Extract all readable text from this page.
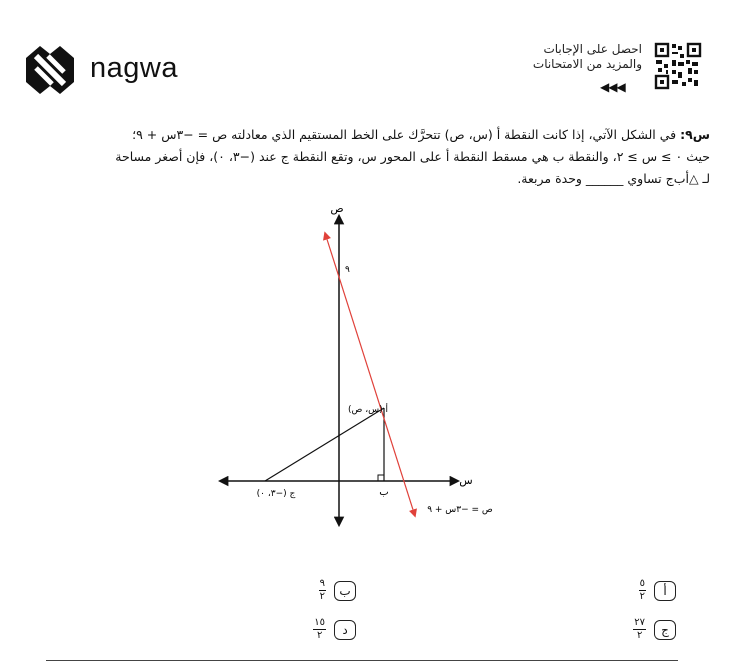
nagwa
احصل على الإجابات
والمزيد من الامتحانات
◀◀◀
س٩: في الشكل الآتي، إذا كانت النقطة أ (س، ص) تتحرَّك على الخط المستقيم الذي معادلته ص = −٣س + ٩؛
حيث ٠ ≥ س ≥ ٢، والنقطة ب هي مسقط النقطة أ على المحور س، وتقع النقطة ج عند (−٣، ٠)، فإن أصغر مساحة
لـ △أب‌ج تساوي ______ وحدة مربعة.
ص
س
٩
أ (س، ص)
ب
ج (−٣، ٠)
ص = −٣س + ٩
أ
$\frac{٥}{٢}$
ب
$\frac{٩}{٢}$
ج
$\frac{٢٧}{٢}$
د
$\frac{١٥}{٢}$
